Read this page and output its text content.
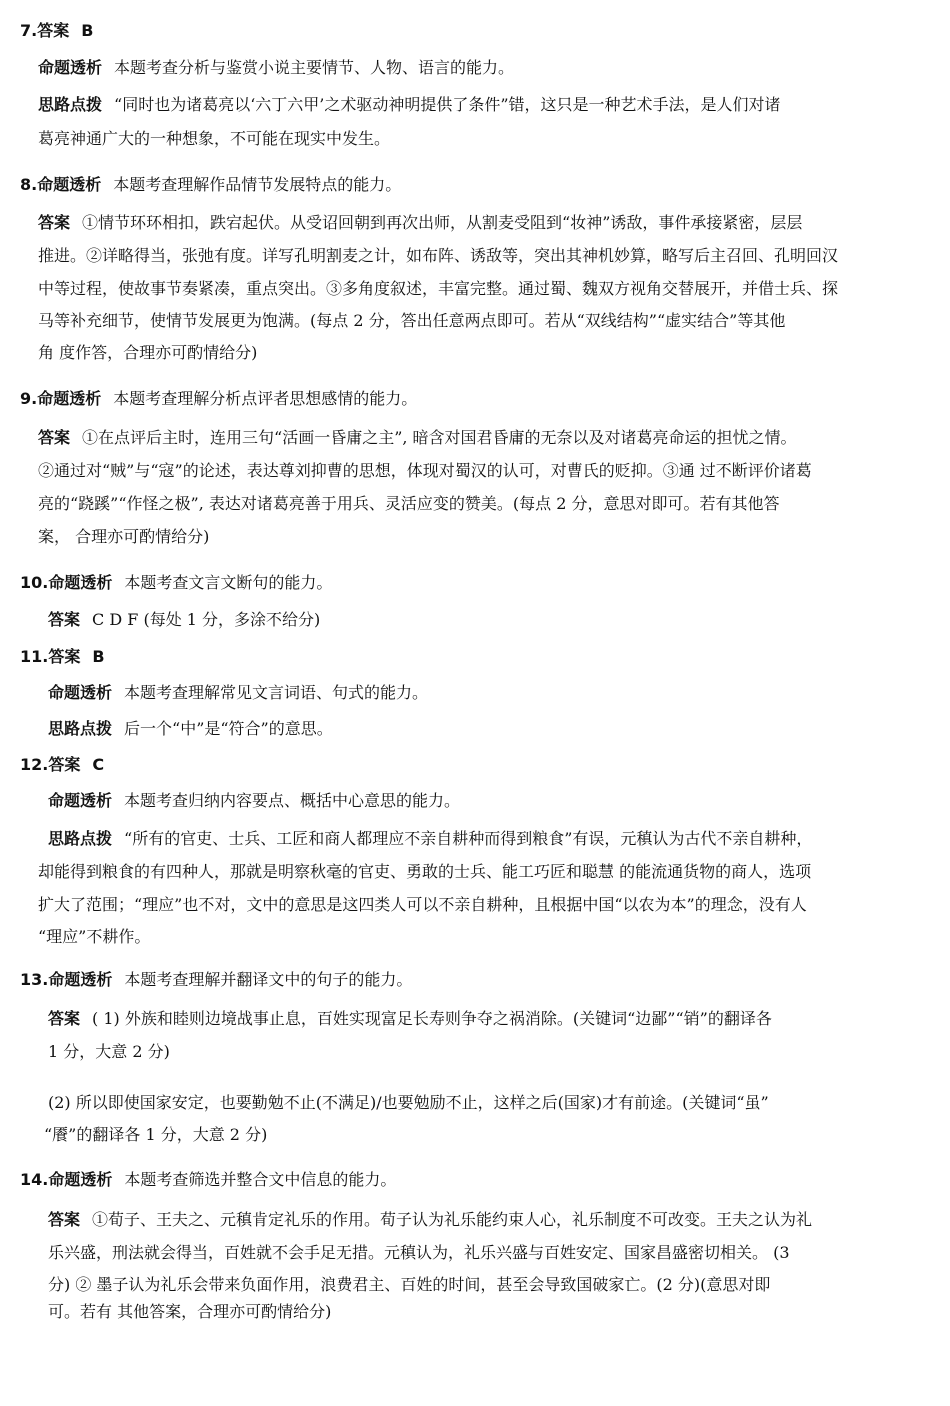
7.答案 B
命题透析 本题考查分析与鉴赏小说主要情节、人物、语言的能力。
思路点拨 “同时也为诸葛亮以‘六丁六甲’之术驱动神明提供了条件”错，这只是一种艺术手法，是人们对诸
葛亮神通广大的一种想象，不可能在现实中发生。
8.命题透析 本题考查理解作品情节发展特点的能力。
答案 ①情节环环相扣，跌宕起伏。从受诏回朝到再次出师，从割麦受阻到“妆神”诱敌，事件承接紧密，层层
推进。②详略得当，张弛有度。详写孔明割麦之计，如布阵、诱敌等，突出其神机妙算，略写后主召回、孔明回汉
中等过程，使故事节奏紧凑，重点突出。③多角度叙述，丰富完整。通过蜀、魏双方视角交替展开，并借士兵、探
马等补充细节，使情节发展更为饱满。(每点 2 分，答出任意两点即可。若从“双线结构”“虚实结合”等其他
角 度作答，合理亦可酌情给分)
9.命题透析 本题考查理解分析点评者思想感情的能力。
答案 ①在点评后主时，连用三句“活画一昏庸之主”, 暗含对国君昏庸的无奈以及对诸葛亮命运的担忧之情。
②通过对“贼”与“寇”的论述，表达尊刘抑曹的思想，体现对蜀汉的认可，对曹氏的贬抑。③通 过不断评价诸葛
亮的“跷蹊”“作怪之极”, 表达对诸葛亮善于用兵、灵活应变的赞美。(每点 2 分，意思对即可。若有其他答
案， 合理亦可酌情给分)
10.命题透析 本题考查文言文断句的能力。
答案 C D F (每处 1 分，多涂不给分)
11.答案 B
命题透析 本题考查理解常见文言词语、句式的能力。
思路点拨 后一个“中”是“符合”的意思。
12.答案 C
命题透析 本题考查归纳内容要点、概括中心意思的能力。
思路点拨 “所有的官吏、士兵、工匠和商人都理应不亲自耕种而得到粮食”有误，元稹认为古代不亲自耕种，
却能得到粮食的有四种人，那就是明察秋毫的官吏、勇敢的士兵、能工巧匠和聪慧 的能流通货物的商人，选项
扩大了范围；“理应”也不对，文中的意思是这四类人可以不亲自耕种，且根据中国“以农为本”的理念，没有人
“理应”不耕作。
13.命题透析 本题考查理解并翻译文中的句子的能力。
答案 ( 1) 外族和睦则边境战事止息，百姓实现富足长寿则争夺之祸消除。(关键词“边鄙”“销”的翻译各
1 分，大意 2 分)
(2) 所以即使国家安定，也要勤勉不止(不满足)/也要勉励不止，这样之后(国家)才有前途。(关键词“虽”
“餍”的翻译各 1 分，大意 2 分)
14.命题透析 本题考查筛选并整合文中信息的能力。
答案 ①荀子、王夫之、元稹肯定礼乐的作用。荀子认为礼乐能约束人心，礼乐制度不可改变。王夫之认为礼
乐兴盛，刑法就会得当，百姓就不会手足无措。元稹认为，礼乐兴盛与百姓安定、国家昌盛密切相关。 (3
分) ② 墨子认为礼乐会带来负面作用，浪费君主、百姓的时间，甚至会导致国破家亡。(2 分)(意思对即
可。若有 其他答案，合理亦可酌情给分)
